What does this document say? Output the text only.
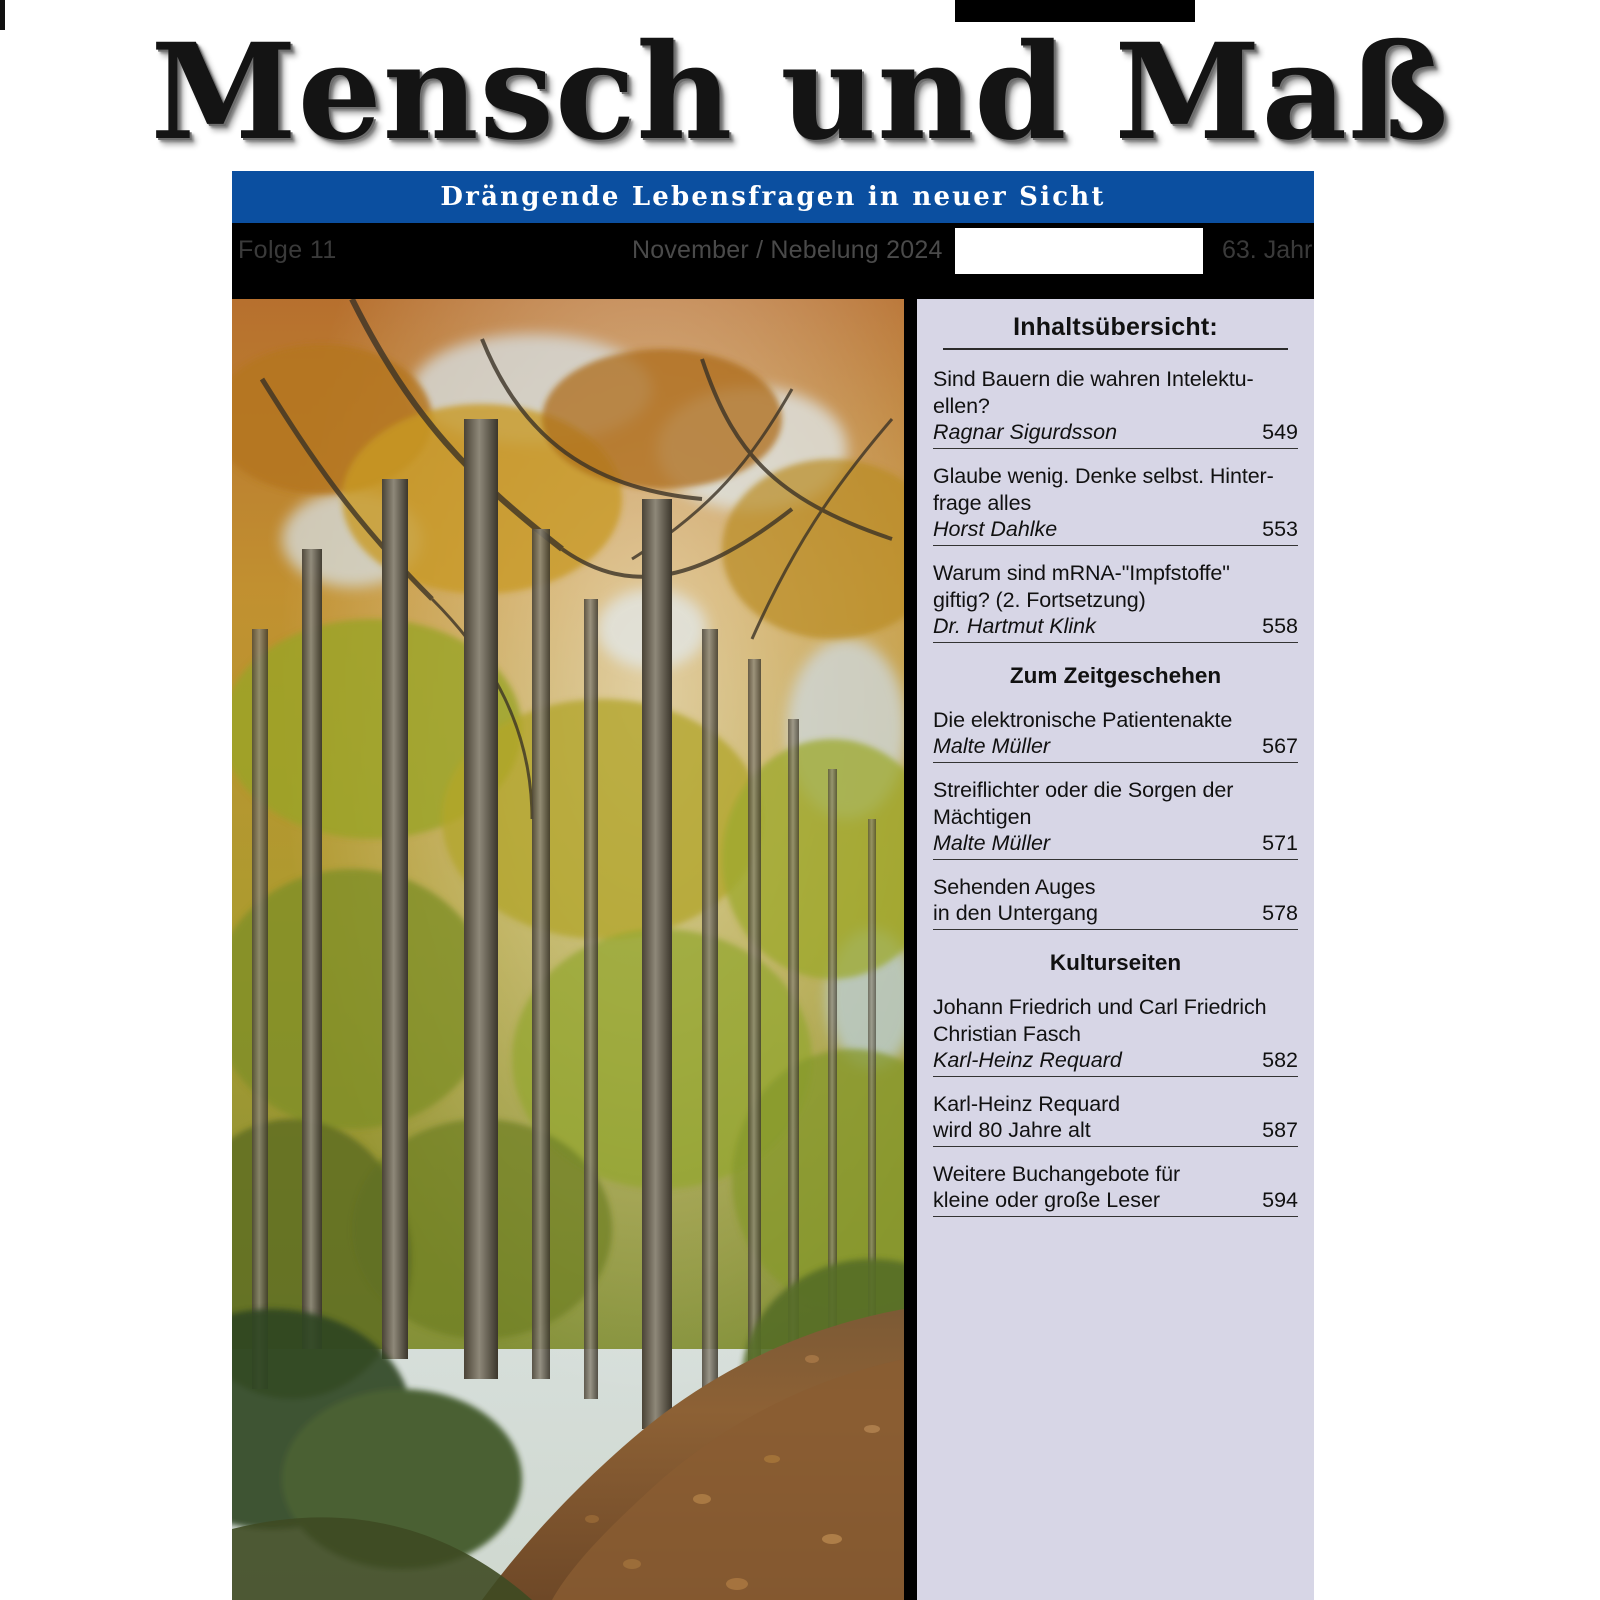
Mensch und Maß
Drängende Lebensfragen in neuer Sicht
Folge 11	November / Nebelung 2024	63. Jahr
Inhaltsübersicht:
Sind Bauern die wahren Intelektu-
ellen?
Ragnar Sigurdsson	549
Glaube wenig. Denke selbst. Hinter-
frage alles
Horst Dahlke	553
Warum sind mRNA-"Impfstoffe"
giftig? (2. Fortsetzung)
Dr. Hartmut Klink	558
Zum Zeitgeschehen
Die elektronische Patientenakte
Malte Müller	567
Streiflichter oder die Sorgen der
Mächtigen
Malte Müller	571
Sehenden Auges
in den Untergang	578
Kulturseiten
Johann Friedrich und Carl Friedrich
Christian Fasch
Karl-Heinz Requard	582
Karl-Heinz Requard
wird 80 Jahre alt	587
Weitere Buchangebote für
kleine oder große Leser	594
